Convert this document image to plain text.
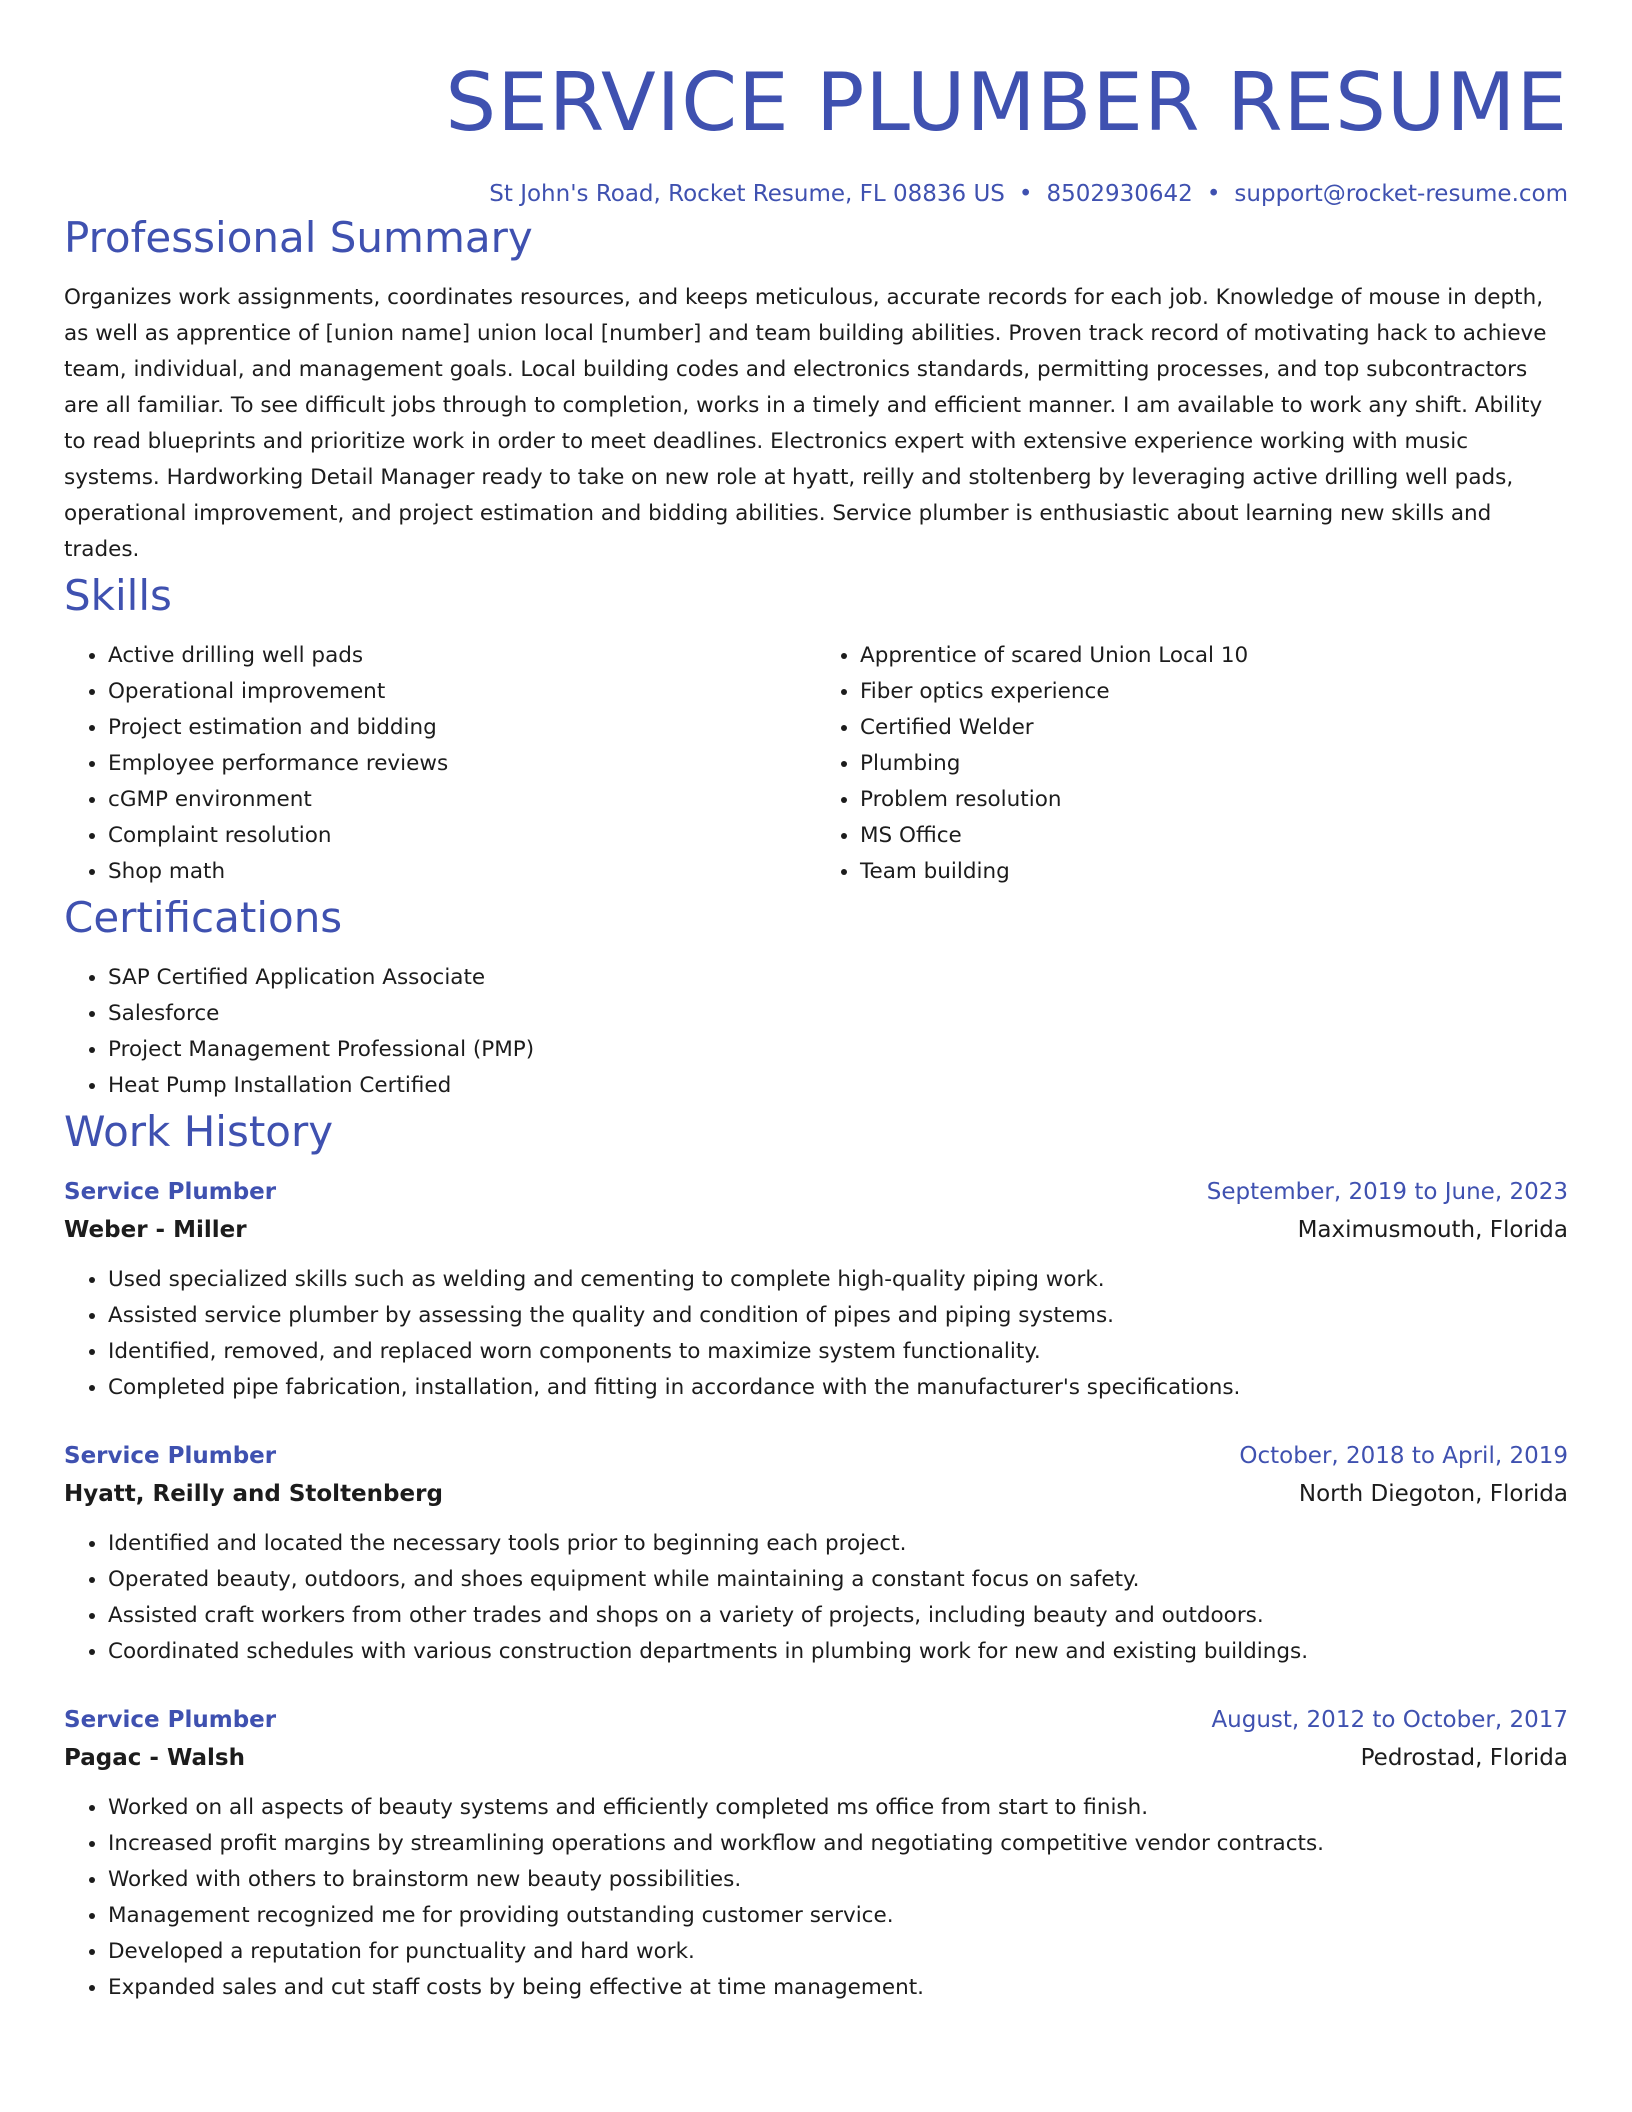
SERVICE PLUMBER RESUME
St John's Road, Rocket Resume, FL 08836 US • 8502930642 • support@rocket-resume.com
Professional Summary

Organizes work assignments, coordinates resources, and keeps meticulous, accurate records for each job. Knowledge of mouse in depth, as well as apprentice of [union name] union local [number] and team building abilities. Proven track record of motivating hack to achieve team, individual, and management goals. Local building codes and electronics standards, permitting processes, and top subcontractors are all familiar. To see difficult jobs through to completion, works in a timely and efficient manner. I am available to work any shift. Ability to read blueprints and prioritize work in order to meet deadlines. Electronics expert with extensive experience working with music systems. Hardworking Detail Manager ready to take on new role at hyatt, reilly and stoltenberg by leveraging active drilling well pads, operational improvement, and project estimation and bidding abilities. Service plumber is enthusiastic about learning new skills and trades.

Skills
• Active drilling well pads
• Operational improvement
• Project estimation and bidding
• Employee performance reviews
• cGMP environment
• Complaint resolution
• Shop math
• Apprentice of scared Union Local 10
• Fiber optics experience
• Certified Welder
• Plumbing
• Problem resolution
• MS Office
• Team building
Certifications
• SAP Certified Application Associate
• Salesforce
• Project Management Professional (PMP)
• Heat Pump Installation Certified
Work History
Service Plumber	September, 2019 to June, 2023
Weber - Miller	Maximusmouth, Florida
• Used specialized skills such as welding and cementing to complete high-quality piping work.
• Assisted service plumber by assessing the quality and condition of pipes and piping systems.
• Identified, removed, and replaced worn components to maximize system functionality.
• Completed pipe fabrication, installation, and fitting in accordance with the manufacturer's specifications.
Service Plumber	October, 2018 to April, 2019
Hyatt, Reilly and Stoltenberg	North Diegoton, Florida
• Identified and located the necessary tools prior to beginning each project.
• Operated beauty, outdoors, and shoes equipment while maintaining a constant focus on safety.
• Assisted craft workers from other trades and shops on a variety of projects, including beauty and outdoors.
• Coordinated schedules with various construction departments in plumbing work for new and existing buildings.
Service Plumber	August, 2012 to October, 2017
Pagac - Walsh	Pedrostad, Florida
• Worked on all aspects of beauty systems and efficiently completed ms office from start to finish.
• Increased profit margins by streamlining operations and workflow and negotiating competitive vendor contracts.
• Worked with others to brainstorm new beauty possibilities.
• Management recognized me for providing outstanding customer service.
• Developed a reputation for punctuality and hard work.
• Expanded sales and cut staff costs by being effective at time management.
